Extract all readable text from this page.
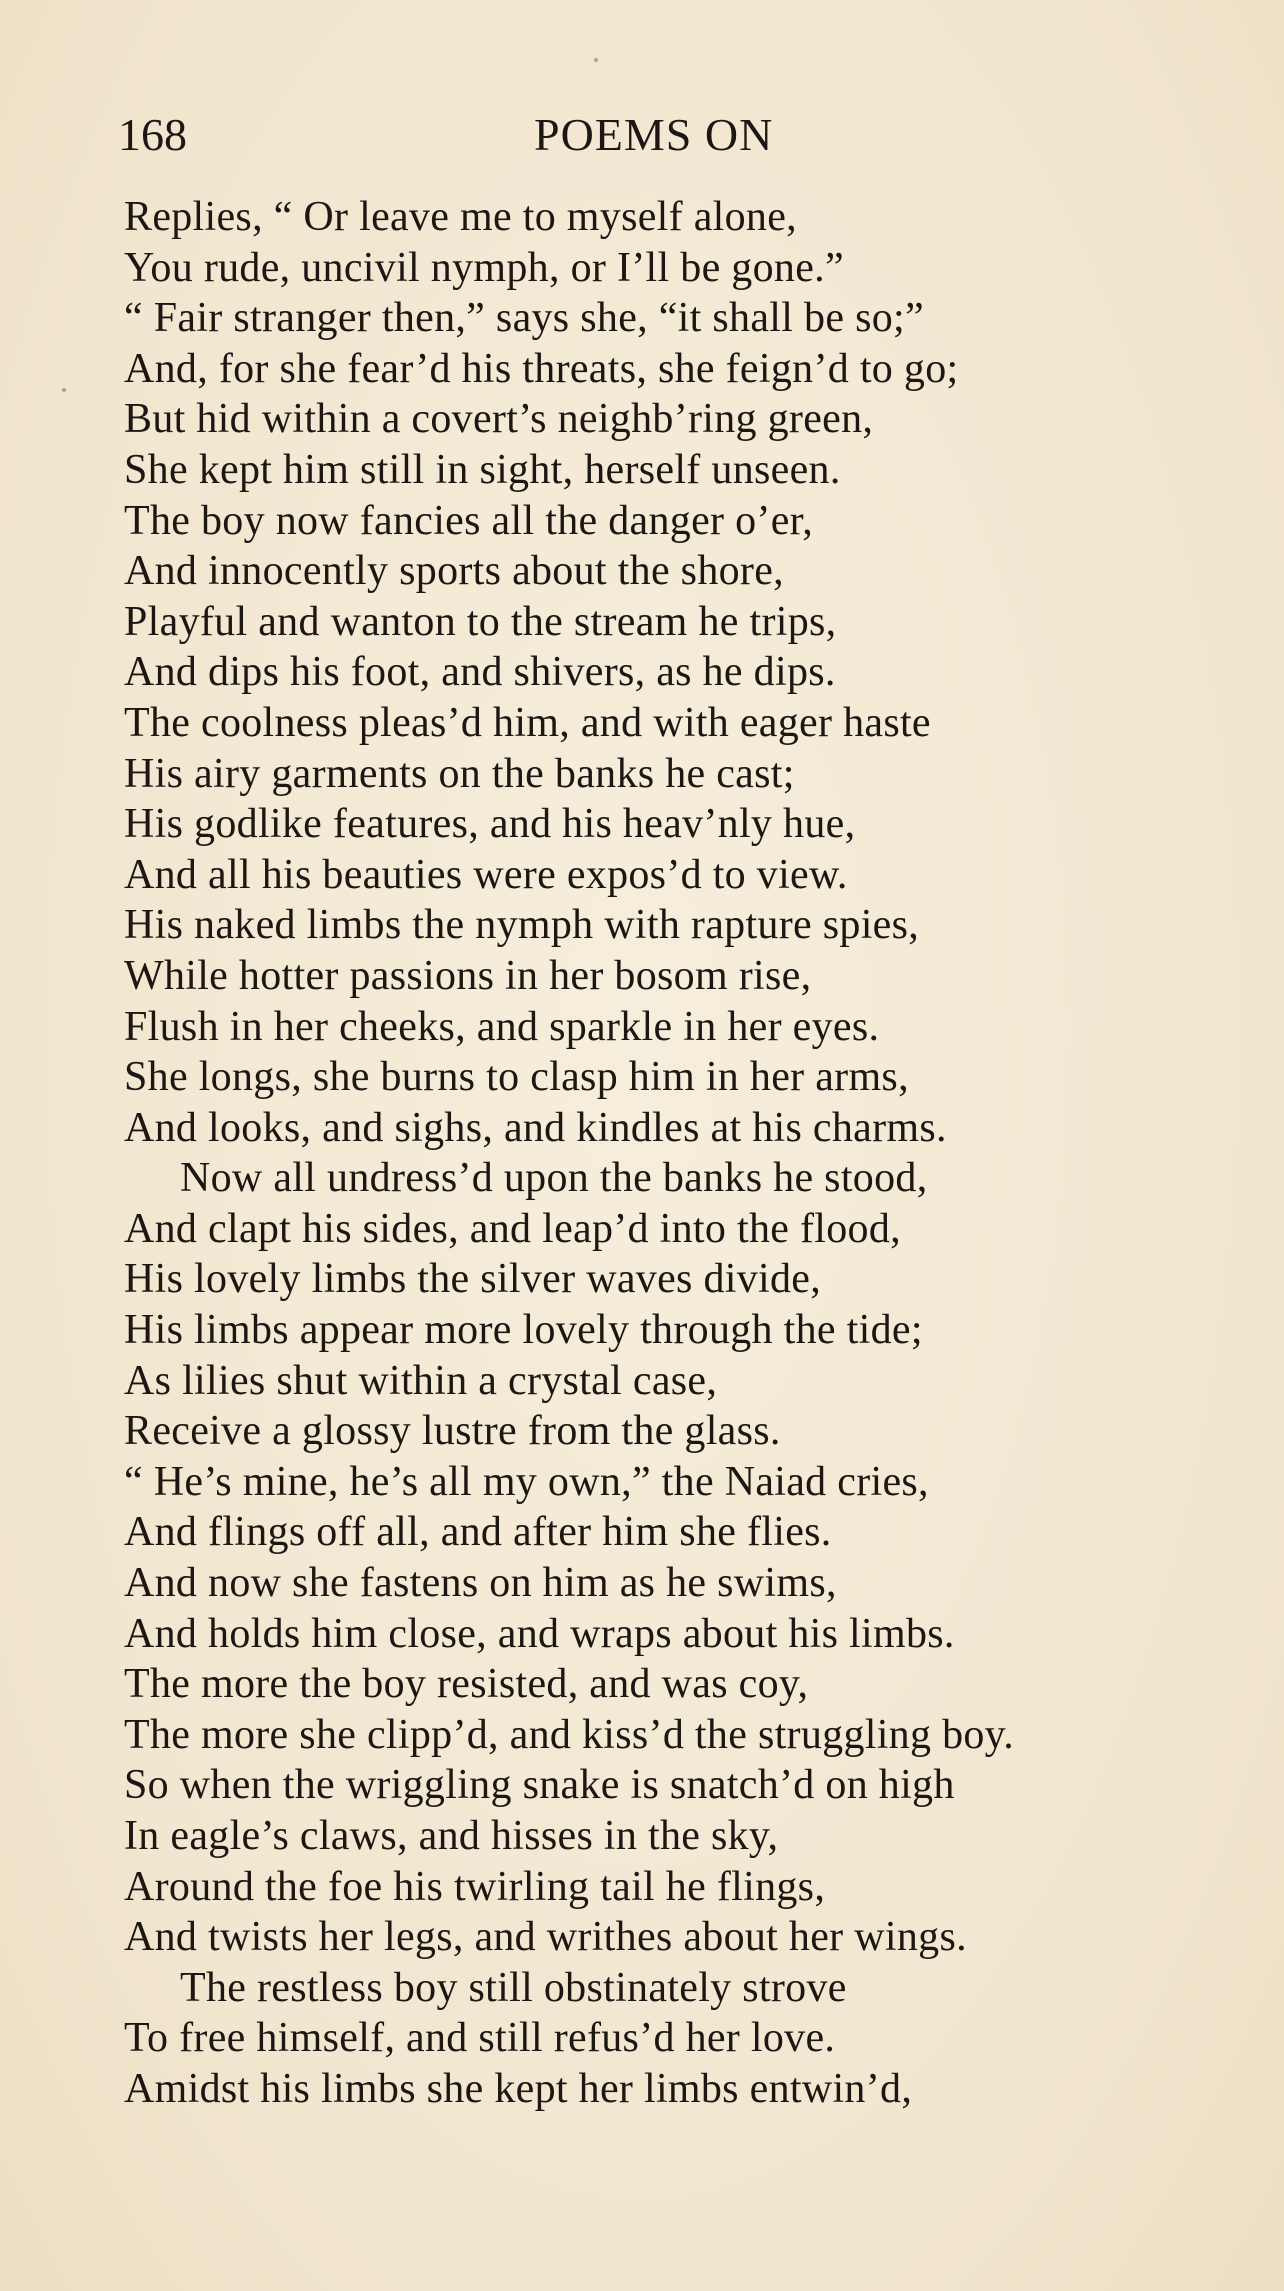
168	POEMS ON
Replies, “ Or leave me to myself alone,
You rude, uncivil nymph, or I’ll be gone.”
“ Fair stranger then,” says she, “it shall be so;”
And, for she fear’d his threats, she feign’d to go;
But hid within a covert’s neighb’ring green,
She kept him still in sight, herself unseen.
The boy now fancies all the danger o’er,
And innocently sports about the shore,
Playful and wanton to the stream he trips,
And dips his foot, and shivers, as he dips.
The coolness pleas’d him, and with eager haste
His airy garments on the banks he cast;
His godlike features, and his heav’nly hue,
And all his beauties were expos’d to view.
His naked limbs the nymph with rapture spies,
While hotter passions in her bosom rise,
Flush in her cheeks, and sparkle in her eyes.
She longs, she burns to clasp him in her arms,
And looks, and sighs, and kindles at his charms.
Now all undress’d upon the banks he stood,
And clapt his sides, and leap’d into the flood,
His lovely limbs the silver waves divide,
His limbs appear more lovely through the tide;
As lilies shut within a crystal case,
Receive a glossy lustre from the glass.
“ He’s mine, he’s all my own,” the Naiad cries,
And flings off all, and after him she flies.
And now she fastens on him as he swims,
And holds him close, and wraps about his limbs.
The more the boy resisted, and was coy,
The more she clipp’d, and kiss’d the struggling boy.
So when the wriggling snake is snatch’d on high
In eagle’s claws, and hisses in the sky,
Around the foe his twirling tail he flings,
And twists her legs, and writhes about her wings.
The restless boy still obstinately strove
To free himself, and still refus’d her love.
Amidst his limbs she kept her limbs entwin’d,
